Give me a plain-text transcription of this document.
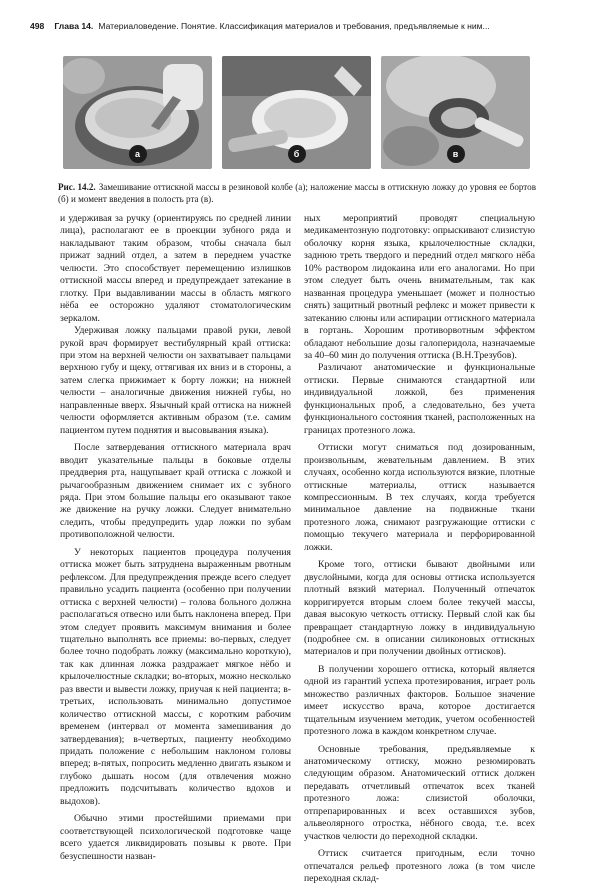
498 Глава 14. Материаловедение. Понятие. Классификация материалов и требования, предъявляемые к ним...
а	б	в
Рис. 14.2. Замешивание оттискной массы в резиновой колбе (а); наложение массы в оттискную ложку до уровня ее бортов (б) и момент введения в полость рта (в).

и удерживая за ручку (ориентируясь по средней линии лица), располагают ее в проекции зубного ряда и накладывают таким образом, чтобы сначала был прижат задний отдел, а затем в переднем участке челюсти. Это способствует перемещению излишков оттискной массы вперед и предупреждает затекание в глотку. При выдавливании массы в область мягкого нёба ее осторожно удаляют стоматологическим зеркалом.

Удерживая ложку пальцами правой руки, левой рукой врач формирует вестибулярный край оттиска: при этом на верхней челюсти он захватывает пальцами верхнюю губу и щеку, оттягивая их вниз и в стороны, а затем слегка прижимает к борту ложки; на нижней челюсти – аналогичные движения нижней губы, но направленные вверх. Язычный край оттиска на нижней челюсти оформляется активным образом (т.е. самим пациентом путем поднятия и высовывания языка).

После затвердевания оттискного материала врач вводит указательные пальцы в боковые отделы преддверия рта, нащупывает край оттиска с ложкой и рычагообразным движением снимает их с зубного ряда. При этом большие пальцы его оказывают такое же движение на ручку ложки. Следует внимательно следить, чтобы предупредить удар ложки по зубам противоположной челюсти.

У некоторых пациентов процедура получения оттиска может быть затруднена выраженным рвотным рефлексом. Для предупреждения прежде всего следует правильно усадить пациента (особенно при получении оттиска с верхней челюсти) – голова больного должна располагаться отвесно или быть наклонена вперед. При этом следует проявить максимум внимания и более тщательно выполнять все приемы: во-первых, следует более точно подобрать ложку (максимально короткую), так как длинная ложка раздражает мягкое нёбо и крылочелюстные складки; во-вторых, можно несколько раз ввести и вывести ложку, приучая к ней пациента; в-третьих, использовать минимально допустимое количество оттискной массы, с коротким рабочим временем (интервал от момента замешивания до затвердевания); в-четвертых, пациенту необходимо придать положение с небольшим наклоном головы вперед; в-пятых, попросить медленно двигать языком и глубоко дышать носом (для отвлечения можно предложить подсчитывать количество вдохов и выдохов).

Обычно этими простейшими приемами при соответствующей психологической подготовке чаще всего удается ликвидировать позывы к рвоте. При безуспешности назван-

ных мероприятий проводят специальную медикаментозную подготовку: опрыскивают слизистую оболочку корня языка, крылочелюстные складки, заднюю треть твердого и передний отдел мягкого нёба 10% раствором лидокаина или его аналогами. Но при этом следует быть очень внимательным, так как названная процедура уменьшает (может и полностью снять) защитный рвотный рефлекс и может привести к затеканию слюны или аспирации оттискного материала в гортань. Хорошим противорвотным эффектом обладают небольшие дозы галоперидола, назначаемые за 40–60 мин до получения оттиска (В.Н.Трезубов).

Различают анатомические и функциональные оттиски. Первые снимаются стандартной или индивидуальной ложкой, без применения функциональных проб, а следовательно, без учета функционального состояния тканей, расположенных на границах протезного ложа.

Оттиски могут сниматься под дозированным, произвольным, жевательным давлением. В этих случаях, особенно когда используются вязкие, плотные оттискные материалы, оттиск называется компрессионным. В тех случаях, когда требуется минимальное давление на подвижные ткани протезного ложа, снимают разгружающие оттиски с помощью текучего материала и перфорированной ложки.

Кроме того, оттиски бывают двойными или двуслойными, когда для основы оттиска используется плотный вязкий материал. Полученный отпечаток корригируется вторым слоем более текучей массы, давая высокую четкость оттиску. Первый слой как бы превращает стандартную ложку в индивидуальную (подробнее см. в описании силиконовых оттискных материалов и при получении двойных оттисков).

В получении хорошего оттиска, который является одной из гарантий успеха протезирования, играет роль множество различных факторов. Большое значение имеет искусство врача, которое достигается тщательным изучением методик, учетом особенностей протезного ложа в каждом конкретном случае.

Основные требования, предъявляемые к анатомическому оттиску, можно резюмировать следующим образом. Анатомический оттиск должен передавать отчетливый отпечаток всех тканей протезного ложа: слизистой оболочки, отпрепарированных и всех оставшихся зубов, альвеолярного отростка, нёбного свода, т.е. всех участков челюсти до переходной складки.

Оттиск считается пригодным, если точно отпечатался рельеф протезного ложа (в том числе переходная склад-
